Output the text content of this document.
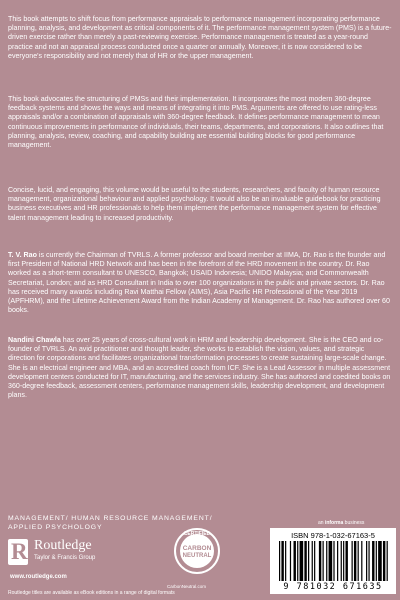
This book attempts to shift focus from performance appraisals to performance management incorporating performance planning, analysis, and development as critical components of it. The performance management system (PMS) is a future-driven exercise rather than merely a past-reviewing exercise. Performance management is treated as a year-round practice and not an appraisal process conducted once a quarter or annually. Moreover, it is now considered to be everyone's responsibility and not merely that of HR or the upper management.

This book advocates the structuring of PMSs and their implementation. It incorporates the most modern 360-degree feedback systems and shows the ways and means of integrating it into PMS. Arguments are offered to use rating-less appraisals and/or a combination of appraisals with 360-degree feedback. It defines performance management to mean continuous improvements in performance of individuals, their teams, departments, and corporations. It also outlines that planning, analysis, review, coaching, and capability building are essential building blocks for good performance management.

Concise, lucid, and engaging, this volume would be useful to the students, researchers, and faculty of human resource management, organizational behaviour and applied psychology. It would also be an invaluable guidebook for practicing business executives and HR professionals to help them implement the performance management system for effective talent management leading to increased productivity.

T. V. Rao is currently the Chairman of TVRLS. A former professor and board member at IIMA, Dr. Rao is the founder and first President of National HRD Network and has been in the forefront of the HRD movement in the country. Dr. Rao worked as a short-term consultant to UNESCO, Bangkok; USAID Indonesia; UNIDO Malaysia; and Commonwealth Secretariat, London; and as HRD Consultant in India to over 100 organizations in the public and private sectors. Dr. Rao has received many awards including Ravi Matthai Fellow (AIMS), Asia Pacific HR Professional of the Year 2019 (APFHRM), and the Lifetime Achievement Award from the Indian Academy of Management. Dr. Rao has authored over 60 books.

Nandini Chawla has over 25 years of cross-cultural work in HRM and leadership development. She is the CEO and co-founder of TVRLS. An avid practitioner and thought leader, she works to establish the vision, values, and strategic direction for corporations and facilitates organizational transformation processes to create sustaining large-scale change. She is an electrical engineer and MBA, and an accredited coach from ICF. She is a Lead Assessor in multiple assessment development centers conducted for IT, manufacturing, and the services industry. She has authored and coedited books on 360-degree feedback, assessment centers, performance management skills, leadership development, and development plans.

MANAGEMENT/ HUMAN RESOURCE MANAGEMENT/
APPLIED PSYCHOLOGY
R Routledge
Taylor & Francis Group
www.routledge.com
Routledge titles are available as eBook editions in a range of digital formats
CERTIFIED
CARBON
NEUTRAL
CarbonNeutral.com
an informa business
ISBN 978-1-032-67163-5
9 781032 671635
